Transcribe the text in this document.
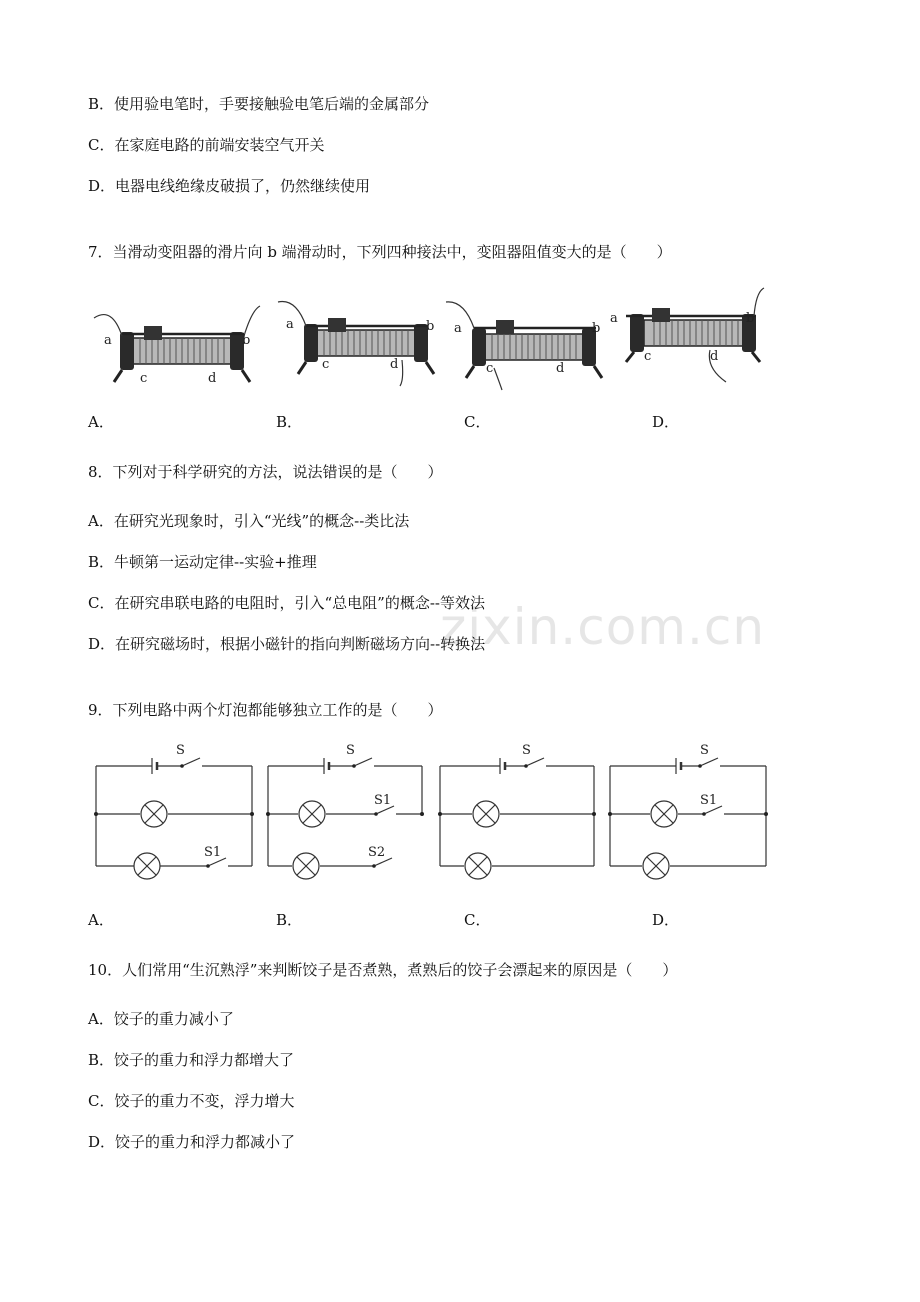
zixin.com.cn
B．使用验电笔时，手要接触验电笔后端的金属部分
C．在家庭电路的前端安装空气开关
D．电器电线绝缘皮破损了，仍然继续使用
7．当滑动变阻器的滑片向 b 端滑动时，下列四种接法中，变阻器阻值变大的是（　　）
a	b
c	d
a	b
c	d
a	b
c	d
a	b
c	d
A．	B．	C．	D．
8．下列对于科学研究的方法，说法错误的是（　　）
A．在研究光现象时，引入“光线”的概念--类比法
B．牛顿第一运动定律--实验+推理
C．在研究串联电路的电阻时，引入“总电阻”的概念--等效法
D．在研究磁场时，根据小磁针的指向判断磁场方向--转换法
9．下列电路中两个灯泡都能够独立工作的是（　　）
S
S1
S
S1
S2
S	S
S1
A．	B．	C．	D．
10．人们常用“生沉熟浮”来判断饺子是否煮熟，煮熟后的饺子会漂起来的原因是（　　）
A．饺子的重力减小了
B．饺子的重力和浮力都增大了
C．饺子的重力不变，浮力增大
D．饺子的重力和浮力都减小了
